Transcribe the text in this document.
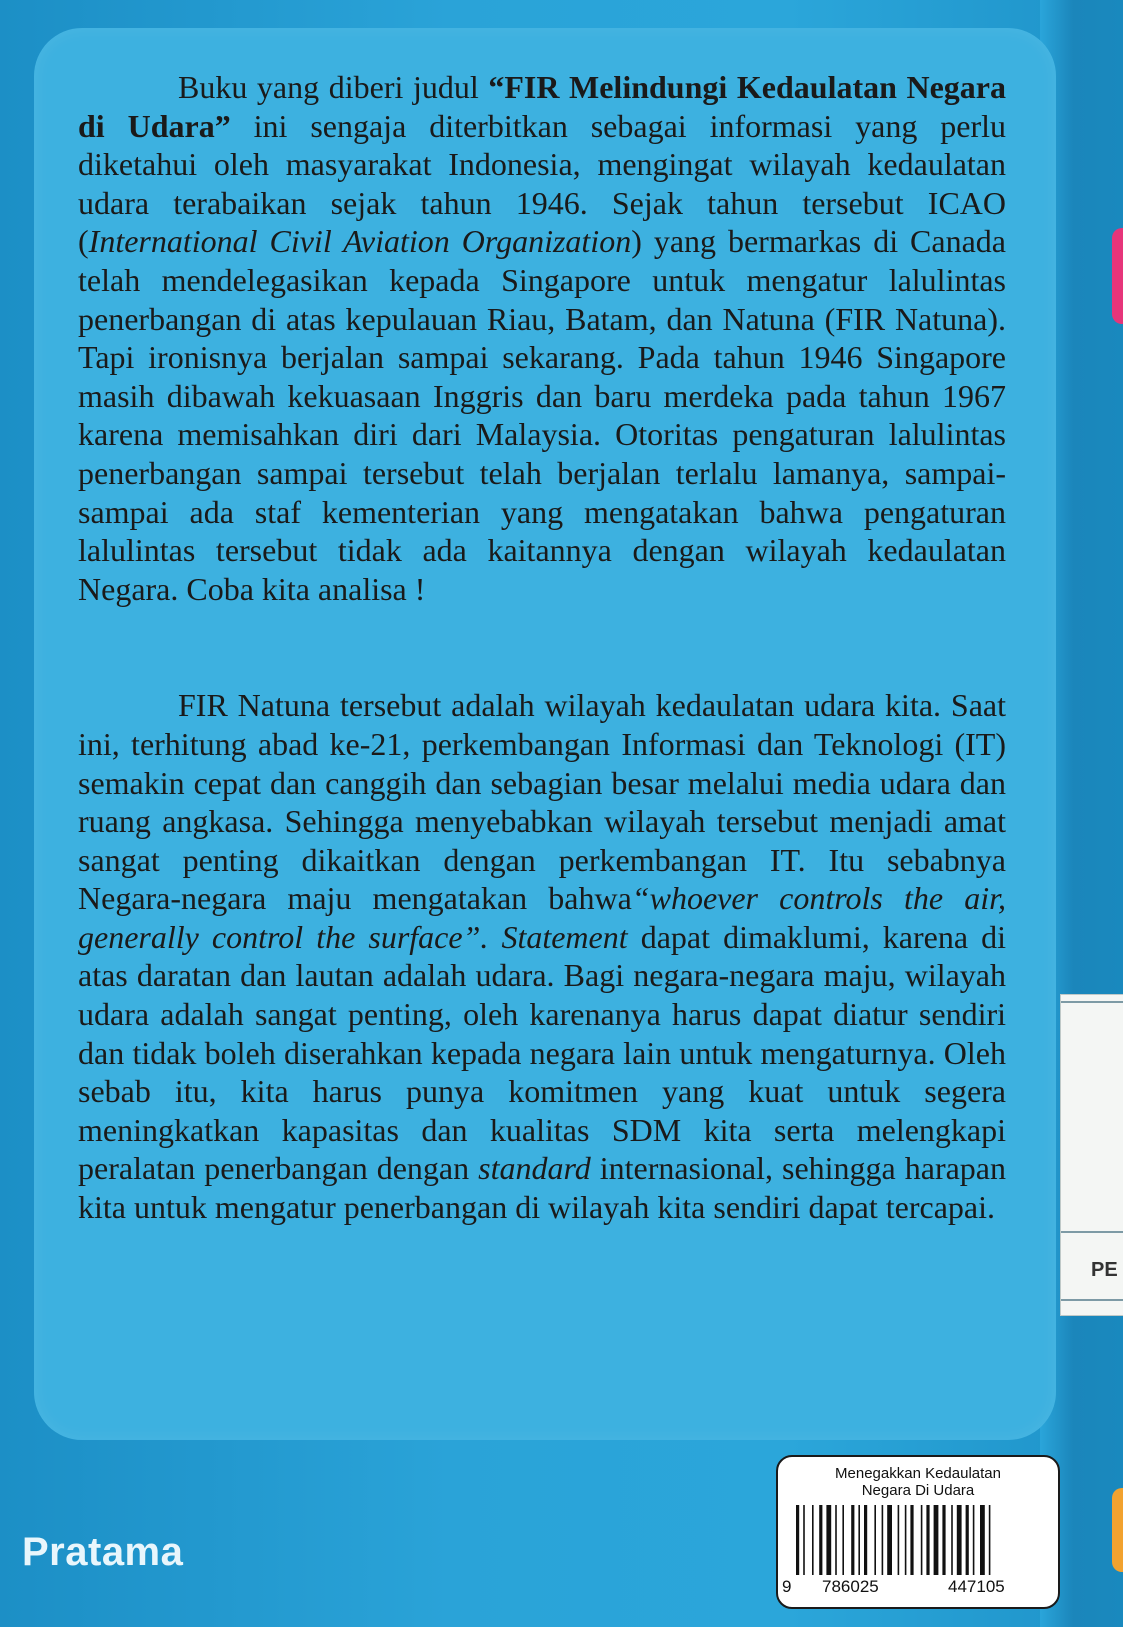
PE

Buku yang diberi judul “FIR Melindungi Kedaulatan Negara di Udara” ini sengaja diterbitkan sebagai informasi yang perlu diketahui oleh masyarakat Indonesia, mengingat wilayah kedaulatan udara terabaikan sejak tahun 1946. Sejak tahun tersebut ICAO (International Civil Aviation Organization) yang bermarkas di Canada telah mendelegasikan kepada Singapore untuk mengatur lalulintas penerbangan di atas kepulauan Riau, Batam, dan Natuna (FIR Natuna). Tapi ironisnya berjalan sampai sekarang. Pada tahun 1946 Singapore masih dibawah kekuasaan Inggris dan baru merdeka pada tahun 1967 karena memisahkan diri dari Malaysia. Otoritas pengaturan lalulintas penerbangan sampai tersebut telah berjalan terlalu lamanya, sampai-sampai ada staf kementerian yang mengatakan bahwa pengaturan lalulintas tersebut tidak ada kaitannya dengan wilayah kedaulatan Negara. Coba kita analisa !

FIR Natuna tersebut adalah wilayah kedaulatan udara kita. Saat ini, terhitung abad ke-21, perkembangan Informasi dan Teknologi (IT) semakin cepat dan canggih dan sebagian besar melalui media udara dan ruang angkasa. Sehingga menyebabkan wilayah tersebut menjadi amat sangat penting dikaitkan dengan perkembangan IT. Itu sebabnya Negara-negara maju mengatakan bahwa“whoever controls the air, generally control the surface”. Statement dapat dimaklumi, karena di atas daratan dan lautan adalah udara. Bagi negara-negara maju, wilayah udara adalah sangat penting, oleh karenanya harus dapat diatur sendiri dan tidak boleh diserahkan kepada negara lain untuk mengaturnya. Oleh sebab itu, kita harus punya komitmen yang kuat untuk segera meningkatkan kapasitas dan kualitas SDM kita serta melengkapi peralatan penerbangan dengan standard internasional, sehingga harapan kita untuk mengatur penerbangan di wilayah kita sendiri dapat tercapai.

Pratama
Menegakkan Kedaulatan
Negara Di Udara
9 786025	447105
